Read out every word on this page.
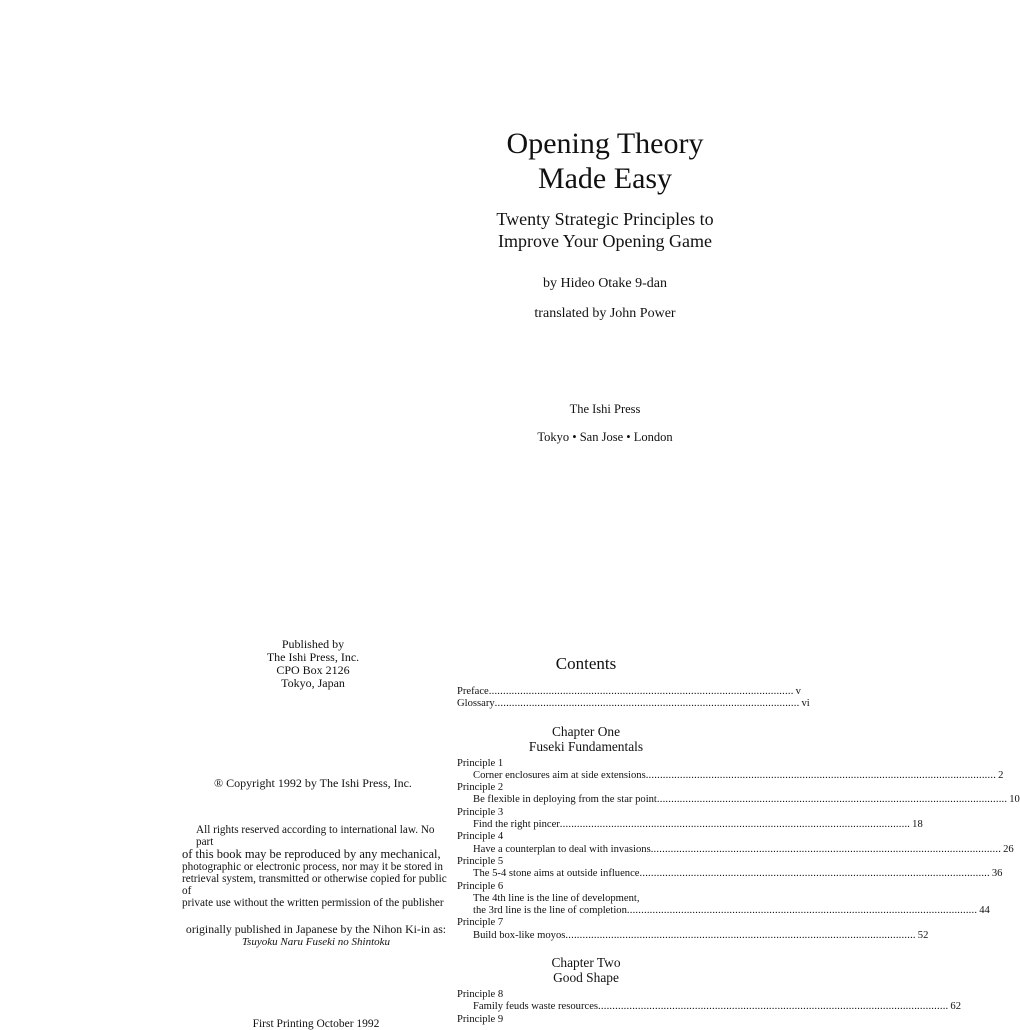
Opening Theory
Made Easy
Twenty Strategic Principles to
Improve Your Opening Game
by Hideo Otake 9-dan
translated by John Power
The Ishi Press
Tokyo • San Jose • London
Published by
The Ishi Press, Inc.
CPO Box 2126
Tokyo, Japan
® Copyright 1992 by The Ishi Press, Inc.
All rights reserved according to international law. No part
of this book may be reproduced by any mechanical,
photographic or electronic process, nor may it be stored in
retrieval system, transmitted or otherwise copied for public of
private use without the written permission of the publisher
originally published in Japanese by the Nihon Ki-in as:
Tsuyoku Naru Fuseki no Shintoku
First Printing October 1992
Contents
Preface ........................................................................................................... v
Glossary ........................................................................................................... vi
Chapter One
Fuseki Fundamentals
Principle 1
Corner enclosures aim at side extensions ........................................................................................................................... 2
Principle 2
Be flexible in deploying from the star point ........................................................................................................................... 10
Principle 3
Find the right pincer ........................................................................................................................... 18
Principle 4
Have a counterplan to deal with invasions ........................................................................................................................... 26
Principle 5
The 5-4 stone aims at outside influence ........................................................................................................................... 36
Principle 6
The 4th line is the line of development,
the 3rd line is the line of completion ........................................................................................................................... 44
Principle 7
Build box-like moyos ........................................................................................................................... 52
Chapter Two
Good Shape
Principle 8
Family feuds waste resources ........................................................................................................................... 62
Principle 9
